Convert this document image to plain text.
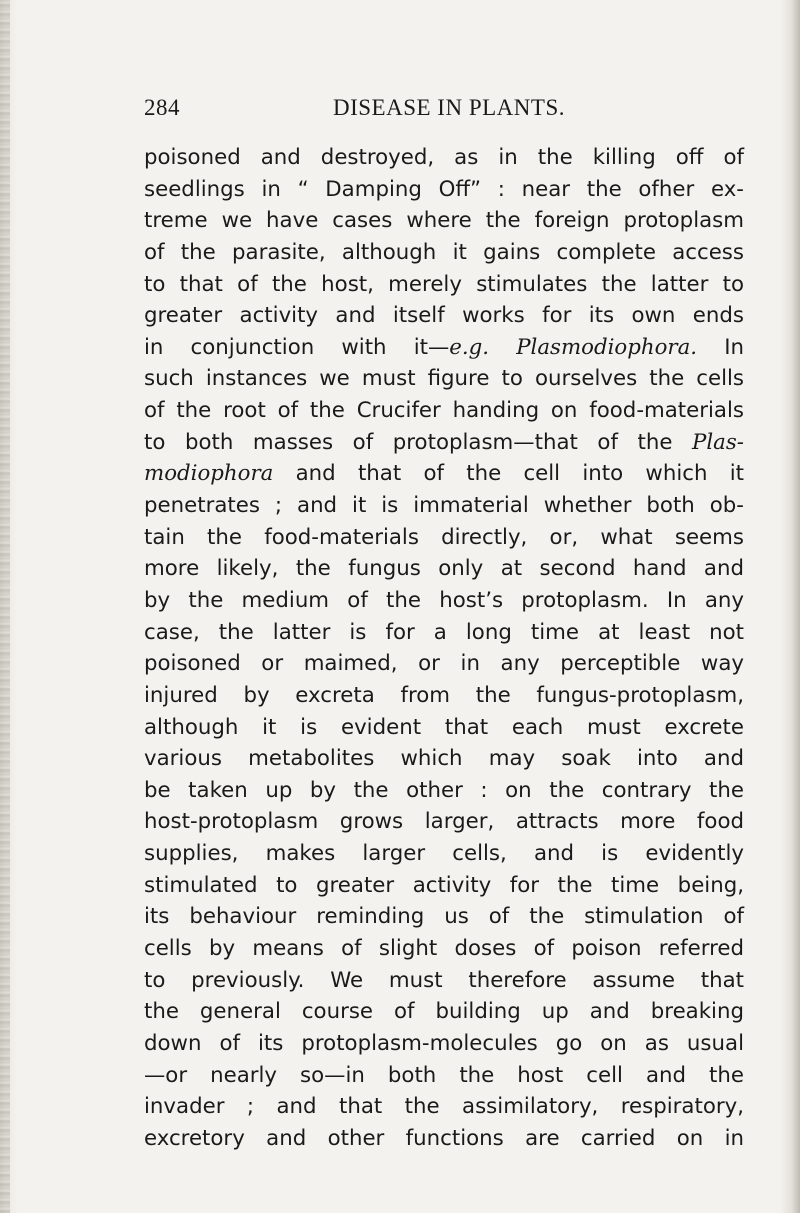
284	DISEASE IN PLANTS.
poisoned and destroyed, as in the killing off of
seedlings in “ Damping Off” : near the ofher ex-
treme we have cases where the foreign protoplasm
of the parasite, although it gains complete access
to that of the host, merely stimulates the latter to
greater activity and itself works for its own ends
in conjunction with it—e.g. Plasmodiophora. In
such instances we must figure to ourselves the cells
of the root of the Crucifer handing on food-materials
to both masses of protoplasm—that of the Plas-
modiophora and that of the cell into which it
penetrates ; and it is immaterial whether both ob-
tain the food-materials directly, or, what seems
more likely, the fungus only at second hand and
by the medium of the host’s protoplasm. In any
case, the latter is for a long time at least not
poisoned or maimed, or in any perceptible way
injured by excreta from the fungus-protoplasm,
although it is evident that each must excrete
various metabolites which may soak into and
be taken up by the other : on the contrary the
host-protoplasm grows larger, attracts more food
supplies, makes larger cells, and is evidently
stimulated to greater activity for the time being,
its behaviour reminding us of the stimulation of
cells by means of slight doses of poison referred
to previously. We must therefore assume that
the general course of building up and breaking
down of its protoplasm-molecules go on as usual
—or nearly so—in both the host cell and the
invader ; and that the assimilatory, respiratory,
excretory and other functions are carried on in
